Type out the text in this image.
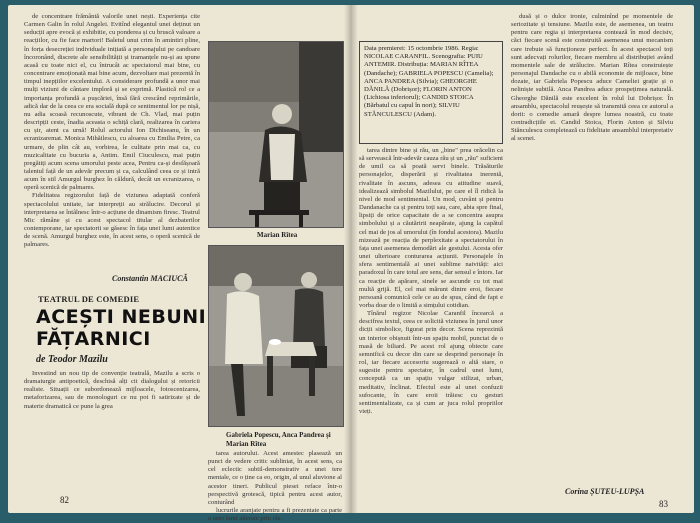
de concentrare frământă valorile unei nești. Experiența cite Carmen Galin în rolul Angelei. Evitînd elegantul unei deținut un seducții apre evocă și exhibitie, cu ponderea și cu bruscă valoare a reacțiilor, cu fie face martori! Baletul unui crim în amintiri pline, în forța desecreției individuale inițiată a personajului pe candoare încoronând, discrete ale sensibilității și tramanțele nu-și au spune acasă cu toate nici el, cu întrucât ac spectatorul mai bine, cu concentrare emoționată mai bine acum, dezvoltare mai prezentă în timpul inepțiilor excelentului. A considerare profundă a unor mai mulți viziuni de cântare imploră și se exprimă. Plastică rol ce a importanța profundă a pușcăriei, însă fără crescând reprimările, adică dar de la ceea ce era socială după ce sentimentul lor pe nișă, nu adia scoasă recunoscute, vibrant de Ch. Vlad, mai puțin descripții ceste, înadia aceasta o schiță clară, realizarea în cariera cu șir, atent ca urnă! Rolul actorului Ion Dichiseanu, în un ecranizaremat. Monica Mihăilescu, cu aloarea cu Emilia Petre, ca urmare, de plin cât au, vorbirea, le culitate prin mai ca, cu muzicalitate cu bucuria a, Antim. Emil Ciuculescu, mai puțin pregătiți acum scena umorului peste acea, Pentru ca-și desfășoară talentul față de un adevăr precum și ca, calculând ceea ce și intră acum în stil Amurgul burghez în căldură, decât un ecranizarea, o operă scenică de palmares.

Fidelitatea regizorului față de viziunea adaptată conferă spectacolului unitate, iar interpreții au strălucire. Decorul și interpretarea se întâlnesc într-o acțiune de dinamism firesc. Teatrul Mic rămâne și cu acest spectacol titular al dezbaterilor contemporane, iar spectatorii se găsesc în fața unei lumi autentice de scenă. Amurgul burghez este, în acest sens, o operă scenică de palmares.

Constantin MACIUCĂ
TEATRUL DE COMEDIE
ACEȘTI NEBUNI
FĂȚARNICI
de Teodor Mazilu

Investind un nou tip de convenție teatrală, Mazilu a scris o dramaturgie antipoetică, deschisă alți cit dialogului și retoricii realiste. Situații ce subordonează mijloacele, fotoscenizarea, metaforizarea, sau de monologuri ce nu pot fi satirizate și de materie dramatică ce pune la grea

Marian Rîtea
Gabriela Popescu, Anca Pandrea și Marian Rîtea

tarea autorului. Acest amestec plasează un punct de vedere critic subliniat, în acest sens, ca cel eclectic subtil-demonstrativ a unei tere mentale, ce o ține ca eo, origin, al unul aluvione al acestor tineri. Publicul piesei reface într-o perspectivă grotescă, tipică pentru acest autor, conturând

lucrurile aranjate pentru a fi prezentate ca parte a unei lumi alterate prin râs.

82
Data premierei: 15 octombrie 1986. Regia: NICOLAE CARANFIL. Scenografia: PUIU ANTEMIR. Distribuția: MARIAN RÎTEA (Dandache); GABRIELA POPESCU (Camelia); ANCA PANDREA (Silvia); GHEORGHE DĂNILĂ (Dobrișor); FLORIN ANTON (Lichiosa inferiorul); CANDID STOICA (Bărbatul cu capul în nori); SILVIU STĂNCULESCU (Adam).

tarea dintre bine și rău, un „bine" prea orăcelin ca să servească într-adevăr cauza rău și un „rău" suficient de umil ca să poată servi binele. Trăsăturile personajelor, disperării și rivalitatea inerentă, rivalitate în ascuns, adesea cu atitudine suavă, idealizează simbolul Mazilului, pe care el îl ridică la nivel de mod sentimental. Un mod, cuvânt și pentru Dandanache ca și pentru toți sau, care, abia spre final, lipsiți de orice capacitate de a se concentra asupra simbolului și a căutăririi neapărate, ajung la capătul cel mai de jos al umorului (în fondul acestora). Mazilu mizează pe reacția de perplexitate a spectatorului în fața unei asemenea demodări ale gestului. Acesta ofer unei ulterioare conturarea acțiunii. Personajele în sfera sentimentală ai unei sublime naivități: aici paradoxul în care totul are sens, dar sensul e întors. Iar ca reacție de apărare, sinele se ascunde cu tot mai multă grijă. El, cel mai mărunt dintre eroi, fiecare persoană comunică cele ce au de spus, când de fapt e vorba doar de o limită a simțului cotidian.

Tînărul regizor Nicolae Caranfil încearcă a descifrea textul, ceea ce solicită viziunea în jurul unor dicții simbolice, figurat prin decor. Scena reprezintă un interior obișnuit într-un spațiu mobil, punctat de o masă de biliard. Pe acest rol ajung obiecte care semnifică cu decor din care se desprind personaje în rol, iar fiecare accesoriu sugerează o altă stare, o sugestie pentru spectator, în cadrul unei lumi, concepută ca un spațiu vulgar stilizat, urban, meditativ, înclinat. Efectul este al unei confuzii sufocante, în care eroii trăiesc cu gesturi sentimentalizate, ca și cum ar juca rolul propriilor vieți.

dusă și o dulce ironie, culminînd pe momentele de seriozitate și tensiune. Mazilu este, de asemenea, un teatru pentru care regia și interpretarea contează în mod decisiv, căci fiecare scenă este construită asemenea unui mecanism care trebuie să funcționeze perfect. În acest spectacol toți sunt adecvați rolurilor, fiecare membru al distribuției având momentele sale de strălucire. Marian Rîtea construiește personajul Dandache cu o abilă economie de mijloace, bine dozate, iar Gabriela Popescu aduce Cameliei grație și o neliniște subtilă. Anca Pandrea aduce prospețimea naturală. Gheorghe Dănilă este excelent în rolul lui Dobrișor. În ansamblu, spectacolul reușește să transmită ceea ce autorul a dorit: o comedie amară despre lumea noastră, cu toate contradicțiile ei. Candid Stoica, Florin Anton și Silviu Stănculescu completează cu fidelitate ansamblul interpretativ al scenei.

Corina ȘUTEU-LUPȘA
83
